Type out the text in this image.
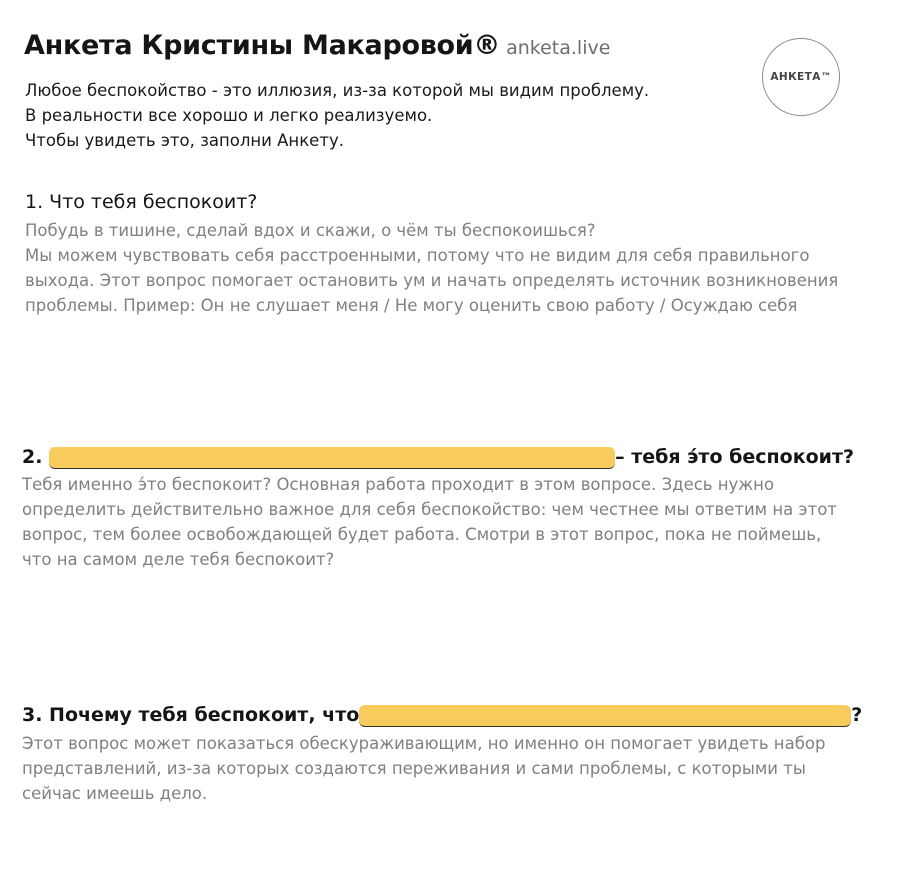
Анкета Кристины Макаровой® anketa.live
Любое беспокойство - это иллюзия, из-за которой мы видим проблему.
В реальности все хорошо и легко реализуемо.
Чтобы увидеть это, заполни Анкету.
АНКЕТА™
1. Что тебя беспокоит?
Побудь в тишине, сделай вдох и скажи, о чём ты беспокоишься?
Мы можем чувствовать себя расстроенными, потому что не видим для себя правильного
выхода. Этот вопрос помогает остановить ум и начать определять источник возникновения
проблемы. Пример: Он не слушает меня / Не могу оценить свою работу / Осуждаю себя
2.	– тебя э́то беспокоит?
Тебя именно э́то беспокоит? Основная работа проходит в этом вопросе. Здесь нужно
определить действительно важное для себя беспокойство: чем честнее мы ответим на этот
вопрос, тем более освобождающей будет работа. Смотри в этот вопрос, пока не поймешь,
что на самом деле тебя беспокоит?
3. Почему тебя беспокоит, что	?
Этот вопрос может показаться обескураживающим, но именно он помогает увидеть набор
представлений, из-за которых создаются переживания и сами проблемы, с которыми ты
сейчас имеешь дело.
